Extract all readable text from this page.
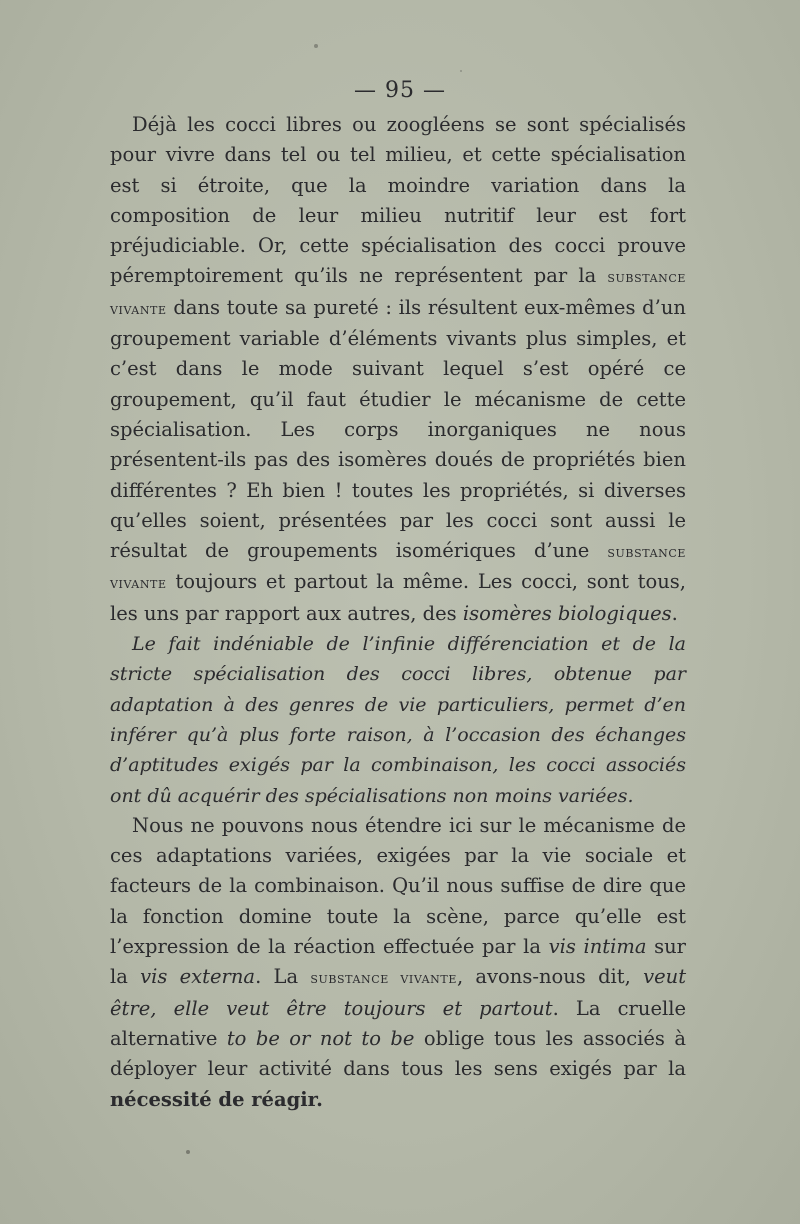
— 95 —

Déjà les cocci libres ou zoogléens se sont spécialisés pour vivre dans tel ou tel milieu, et cette spécialisation est si étroite, que la moindre variation dans la composition de leur milieu nutritif leur est fort préjudiciable. Or, cette spécialisation des cocci prouve péremptoirement qu’ils ne représentent par la substance vivante dans toute sa pureté : ils résultent eux-mêmes d’un groupement variable d’éléments vivants plus simples, et c’est dans le mode suivant lequel s’est opéré ce groupement, qu’il faut étudier le mécanisme de cette spécialisation. Les corps inorganiques ne nous présentent-ils pas des isomères doués de propriétés bien différentes ? Eh bien ! toutes les propriétés, si diverses qu’elles soient, présentées par les cocci sont aussi le résultat de groupements isomériques d’une substance vivante toujours et partout la même. Les cocci, sont tous, les uns par rapport aux autres, des isomères biologiques.

Le fait indéniable de l’infinie différenciation et de la stricte spécialisation des cocci libres, obtenue par adaptation à des genres de vie particuliers, permet d’en inférer qu’à plus forte raison, à l’occasion des échanges d’aptitudes exigés par la combinaison, les cocci associés ont dû acquérir des spécialisations non moins variées.

Nous ne pouvons nous étendre ici sur le mécanisme de ces adaptations variées, exigées par la vie sociale et facteurs de la combinaison. Qu’il nous suffise de dire que la fonction domine toute la scène, parce qu’elle est l’expression de la réaction effectuée par la vis intima sur la vis externa. La substance vivante, avons-nous dit, veut être, elle veut être toujours et partout. La cruelle alternative to be or not to be oblige tous les associés à déployer leur activité dans tous les sens exigés par la nécessité de réagir.
